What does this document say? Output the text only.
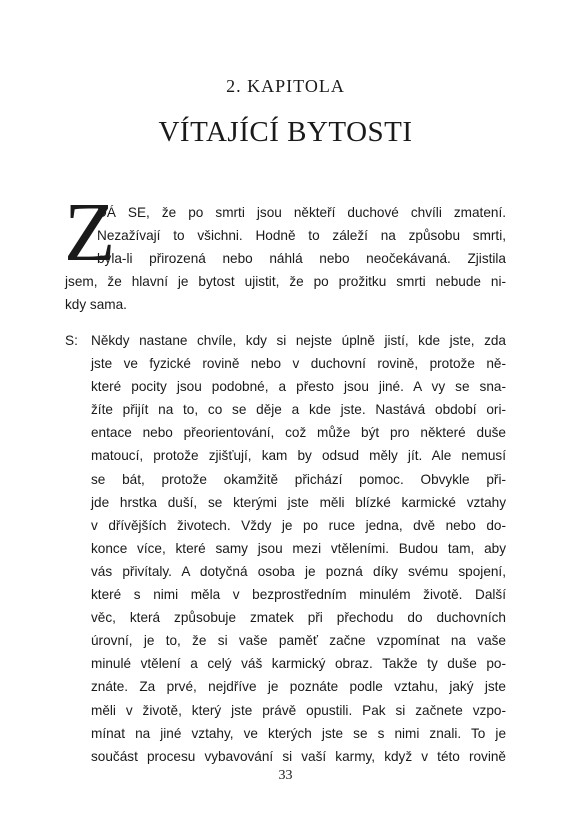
2. KAPITOLA
VÍTAJÍCÍ BYTOSTI
Z
DÁ SE, že po smrti jsou někteří duchové chvíli zmatení.
Nezažívají to všichni. Hodně to záleží na způsobu smrti,
byla-li přirozená nebo náhlá nebo neočekávaná. Zjistila
jsem, že hlavní je bytost ujistit, že po prožitku smrti nebude ni-
kdy sama.
S: Někdy nastane chvíle, kdy si nejste úplně jistí, kde jste, zda
jste ve fyzické rovině nebo v duchovní rovině, protože ně-
které pocity jsou podobné, a přesto jsou jiné. A vy se sna-
žíte přijít na to, co se děje a kde jste. Nastává období ori-
entace nebo přeorientování, což může být pro některé duše
matoucí, protože zjišťují, kam by odsud měly jít. Ale nemusí
se bát, protože okamžitě přichází pomoc. Obvykle při-
jde hrstka duší, se kterými jste měli blízké karmické vztahy
v dřívějších životech. Vždy je po ruce jedna, dvě nebo do-
konce více, které samy jsou mezi vtěleními. Budou tam, aby
vás přivítaly. A dotyčná osoba je pozná díky svému spojení,
které s nimi měla v bezprostředním minulém životě. Další
věc, která způsobuje zmatek při přechodu do duchovních
úrovní, je to, že si vaše paměť začne vzpomínat na vaše
minulé vtělení a celý váš karmický obraz. Takže ty duše po-
znáte. Za prvé, nejdříve je poznáte podle vztahu, jaký jste
měli v životě, který jste právě opustili. Pak si začnete vzpo-
mínat na jiné vztahy, ve kterých jste se s nimi znali. To je
součást procesu vybavování si vaší karmy, když v této rovině
33
